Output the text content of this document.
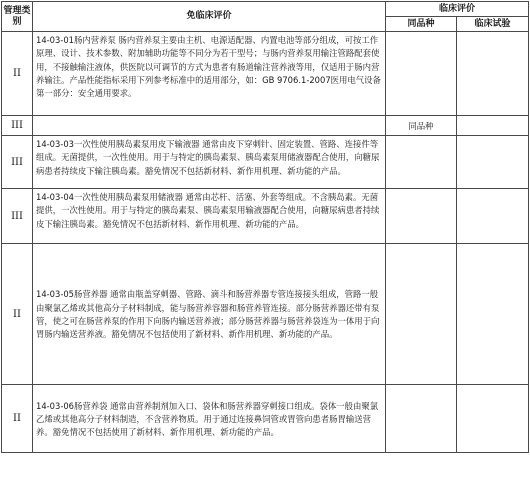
管理类别	免临床评价	临床评价	
		同品种	临床试验
II	14-03-01肠内营养泵 肠内营养泵主要由主机、电源适配器、内置电池等部分组成，可按工作原理、设计、技术参数、附加辅助功能等不同分为若干型号；与肠内营养泵用输注管路配套使用，不接触输注液体，供医院以可调节的方式为患者有肠道输注营养液等用，仅适用于肠内营养输注。产品性能指标采用下列参考标准中的适用部分，如：GB 9706.1-2007医用电气设备 第一部分：安全通用要求。		
III		同品种	
III	14-03-03一次性使用胰岛素泵用皮下输液器 通常由皮下穿刺针、固定装置、管路、连接件等组成。无菌提供，一次性使用。用于与特定的胰岛素泵、胰岛素泵用储液器配合使用，向糖尿病患者持续皮下输注胰岛素。豁免情况不包括新材料、新作用机理、新功能的产品。		
III	14-03-04一次性使用胰岛素泵用储液器 通常由芯杆、活塞、外套等组成。不含胰岛素。无菌提供，一次性使用。用于与特定的胰岛素泵、胰岛素泵用输液器配合使用，向糖尿病患者持续皮下输注胰岛素。豁免情况不包括新材料、新作用机理、新功能的产品。		
II	14-03-05肠营养器 通常由瓶盖穿刺器、管路、滴斗和肠营养器专管连接接头组成，管路一般由聚氯乙烯或其他高分子材料制成，能与肠营养容器和肠营养管连接。部分肠营养器还带有泵管，使之可在肠营养泵的作用下向肠内输送营养液；部分肠营养器与肠营养袋连为一体用于向胃肠内输送营养液。豁免情况不包括使用了新材料、新作用机理、新功能的产品。		
II	14-03-06肠营养袋 通常由营养制剂加入口、袋体和肠营养器穿刺接口组成。袋体一般由聚氯乙烯或其他高分子材料制造，不含营养物质。用于通过连接鼻饲管或胃管向患者肠胃输送营养。豁免情况不包括使用了新材料、新作用机理、新功能的产品。		
